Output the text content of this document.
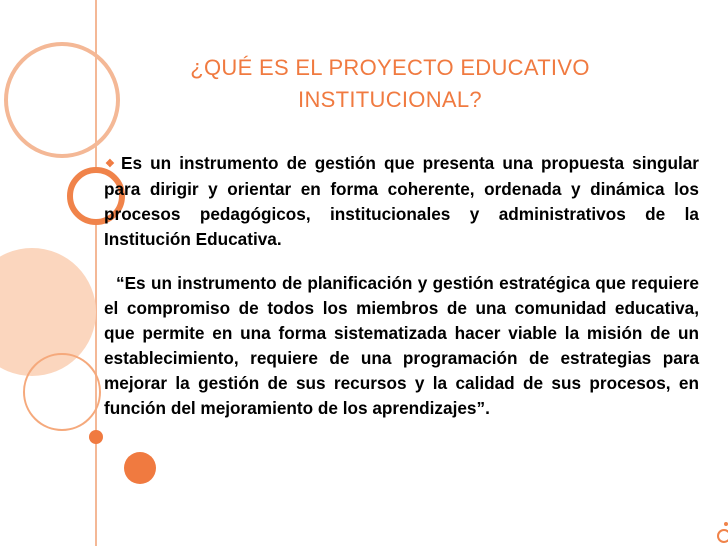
¿QUÉ ES EL PROYECTO EDUCATIVO
INSTITUCIONAL?

❖ Es un instrumento de gestión que presenta una propuesta singular para dirigir y orientar en forma coherente, ordenada y dinámica los procesos pedagógicos, institucionales y administrativos de la Institución Educativa.

“Es un instrumento de planificación y gestión estratégica que requiere el compromiso de todos los miembros de una comunidad educativa, que permite en una forma sistematizada hacer viable la misión de un establecimiento, requiere de una programación de estrategias para mejorar la gestión de sus recursos y la calidad de sus procesos, en función del mejoramiento de los aprendizajes”.
